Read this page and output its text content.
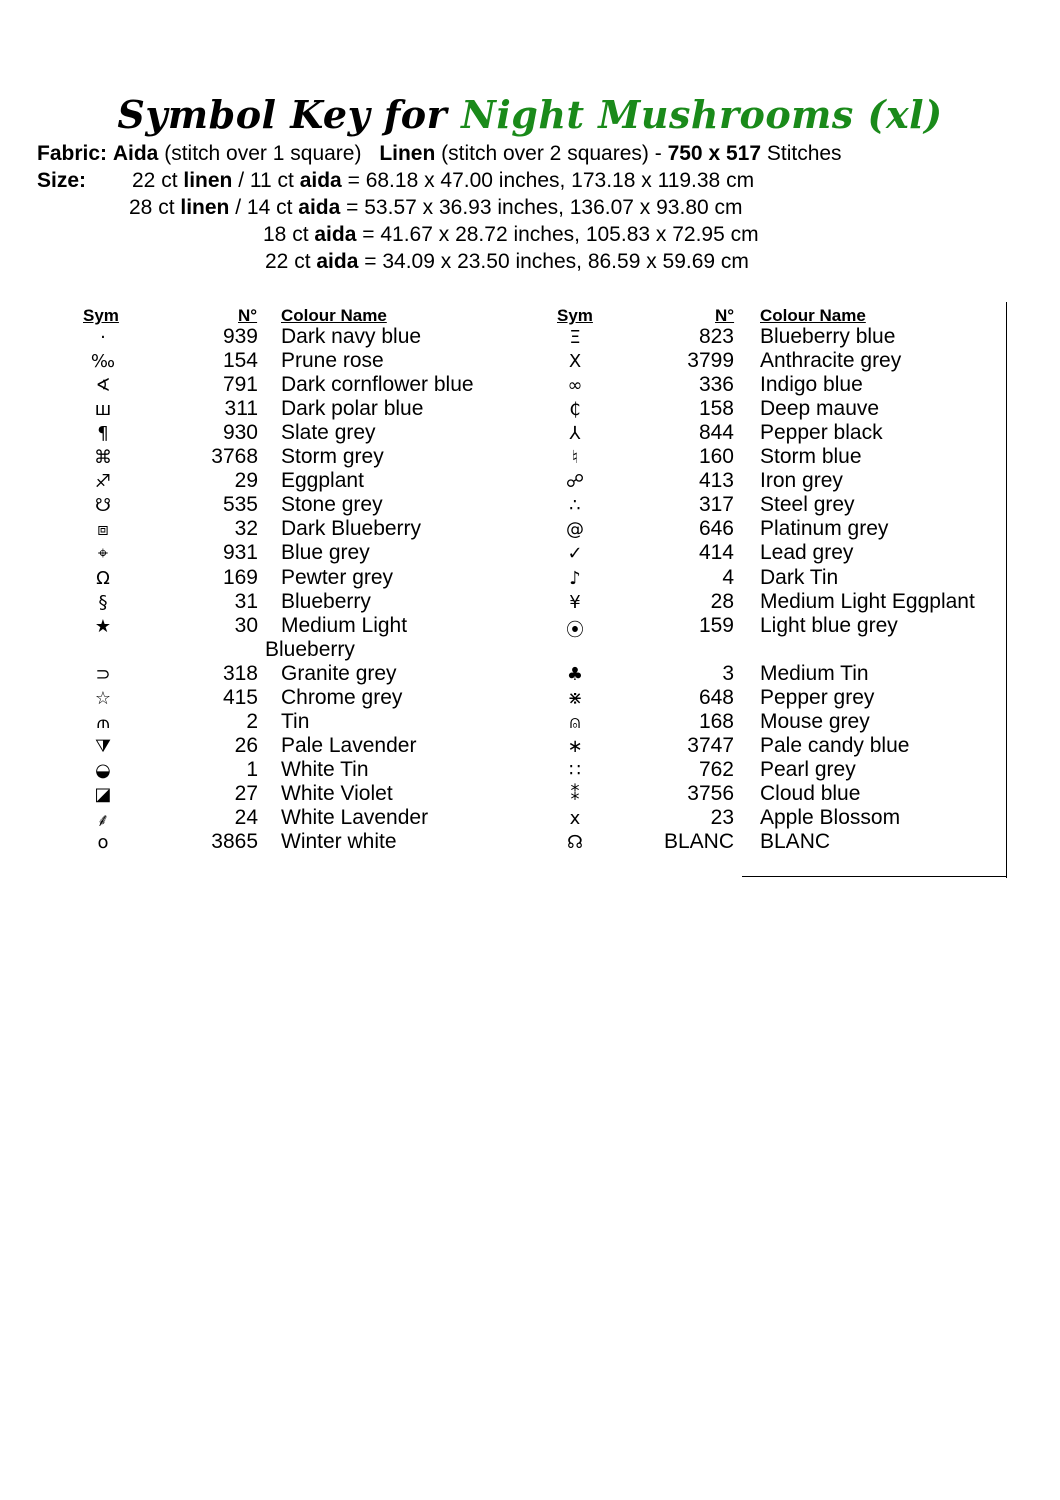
Symbol Key for Night Mushrooms (xl)
Fabric: Aida (stitch over 1 square) Linen (stitch over 2 squares) - 750 x 517 Stitches
Size: 22 ct linen / 11 ct aida = 68.18 x 47.00 inches, 173.18 x 119.38 cm
28 ct linen / 14 ct aida = 53.57 x 36.93 inches, 136.07 x 93.80 cm
18 ct aida = 41.67 x 28.72 inches, 105.83 x 72.95 cm
22 ct aida = 34.09 x 23.50 inches, 86.59 x 59.69 cm
Sym	N° Colour Name	Sym	N° Colour Name
·	939 Dark navy blue
‰	154 Prune rose
∢	791 Dark cornflower blue
ш	311 Dark polar blue
¶	930 Slate grey
⌘	3768 Storm grey
♐	29 Eggplant
☋	535 Stone grey
⧈	32 Dark Blueberry
⌖	931 Blue grey
Ω	169 Pewter grey
§	31 Blueberry
★	30 Medium Light
Blueberry
⊃	318 Granite grey
☆	415 Chrome grey
⫙	2 Tin
⧩	26 Pale Lavender
◒	1 White Tin
◪	27 White Violet
⸙	24 White Lavender
o	3865 Winter white
Ξ	823 Blueberry blue
Ⅹ	3799 Anthracite grey
∞	336 Indigo blue
₵	158 Deep mauve
⅄	844 Pepper black
♮	160 Storm blue
☍	413 Iron grey
∴	317 Steel grey
@	646 Platinum grey
✓	414 Lead grey
♪	4 Dark Tin
¥	28 Medium Light Eggplant
⦿	159 Light blue grey
♣	3 Medium Tin
⋇	648 Pepper grey
⍝	168 Mouse grey
∗	3747 Pale candy blue
∷	762 Pearl grey
⁑	3756 Cloud blue
x	23 Apple Blossom
☊	BLANC BLANC
